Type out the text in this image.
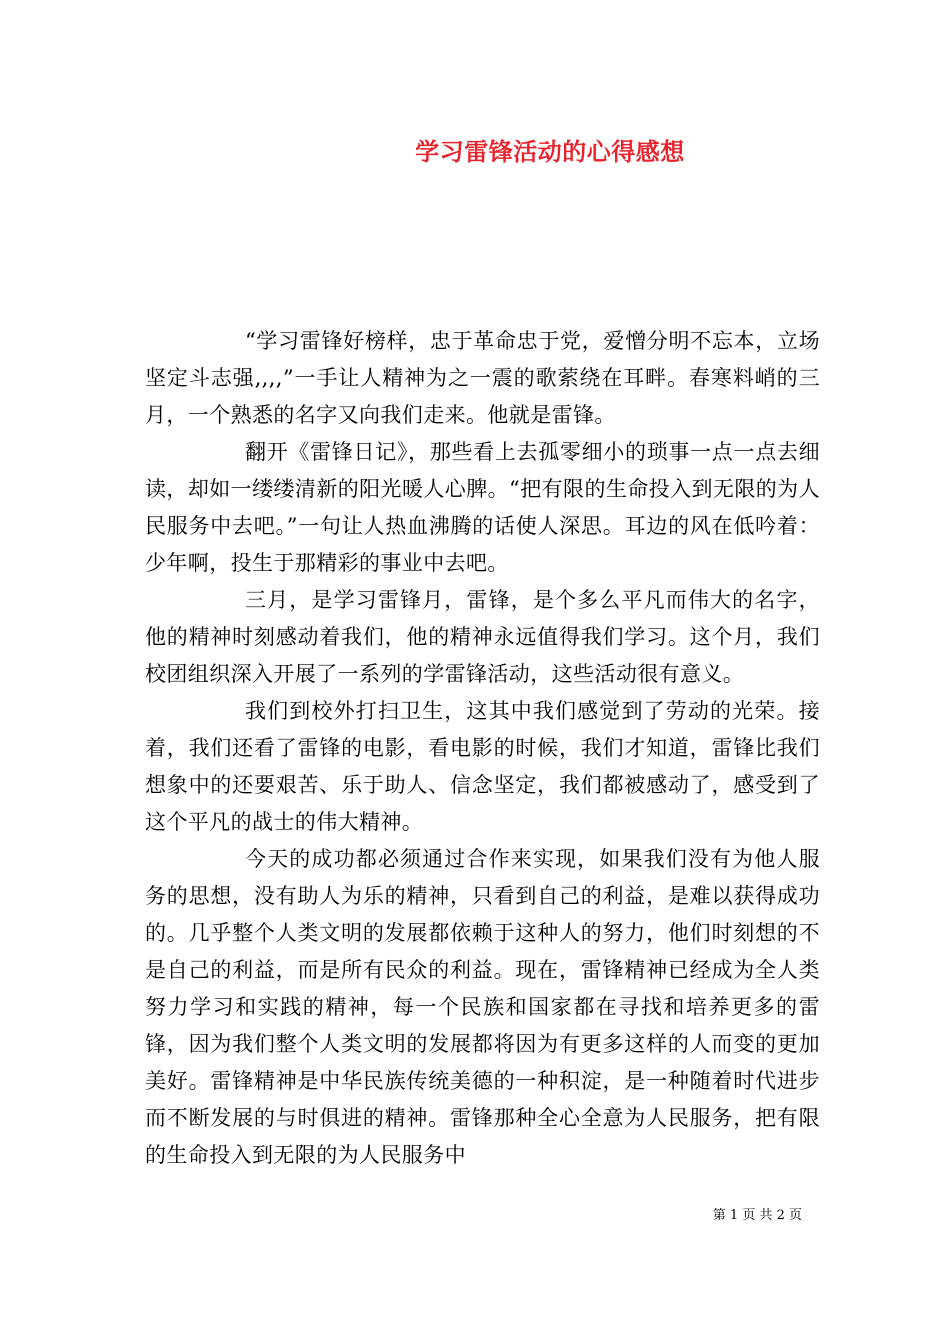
学习雷锋活动的心得感想

“学习雷锋好榜样，忠于革命忠于党，爱憎分明不忘本，立场坚定斗志强,,,,”一手让人精神为之一震的歌萦绕在耳畔。春寒料峭的三月，一个熟悉的名字又向我们走来。他就是雷锋。

翻开《雷锋日记》，那些看上去孤零细小的琐事一点一点去细读，却如一缕缕清新的阳光暖人心脾。“把有限的生命投入到无限的为人民服务中去吧。”一句让人热血沸腾的话使人深思。耳边的风在低吟着：少年啊，投生于那精彩的事业中去吧。

三月，是学习雷锋月，雷锋，是个多么平凡而伟大的名字，他的精神时刻感动着我们，他的精神永远值得我们学习。这个月，我们校团组织深入开展了一系列的学雷锋活动，这些活动很有意义。

我们到校外打扫卫生，这其中我们感觉到了劳动的光荣。接着，我们还看了雷锋的电影，看电影的时候，我们才知道，雷锋比我们想象中的还要艰苦、乐于助人、信念坚定，我们都被感动了，感受到了这个平凡的战士的伟大精神。

今天的成功都必须通过合作来实现，如果我们没有为他人服务的思想，没有助人为乐的精神，只看到自己的利益，是难以获得成功的。几乎整个人类文明的发展都依赖于这种人的努力，他们时刻想的不是自己的利益，而是所有民众的利益。现在，雷锋精神已经成为全人类努力学习和实践的精神，每一个民族和国家都在寻找和培养更多的雷锋，因为我们整个人类文明的发展都将因为有更多这样的人而变的更加美好。雷锋精神是中华民族传统美德的一种积淀，是一种随着时代进步而不断发展的与时俱进的精神。雷锋那种全心全意为人民服务，把有限的生命投入到无限的为人民服务中

第 1 页 共 2 页
